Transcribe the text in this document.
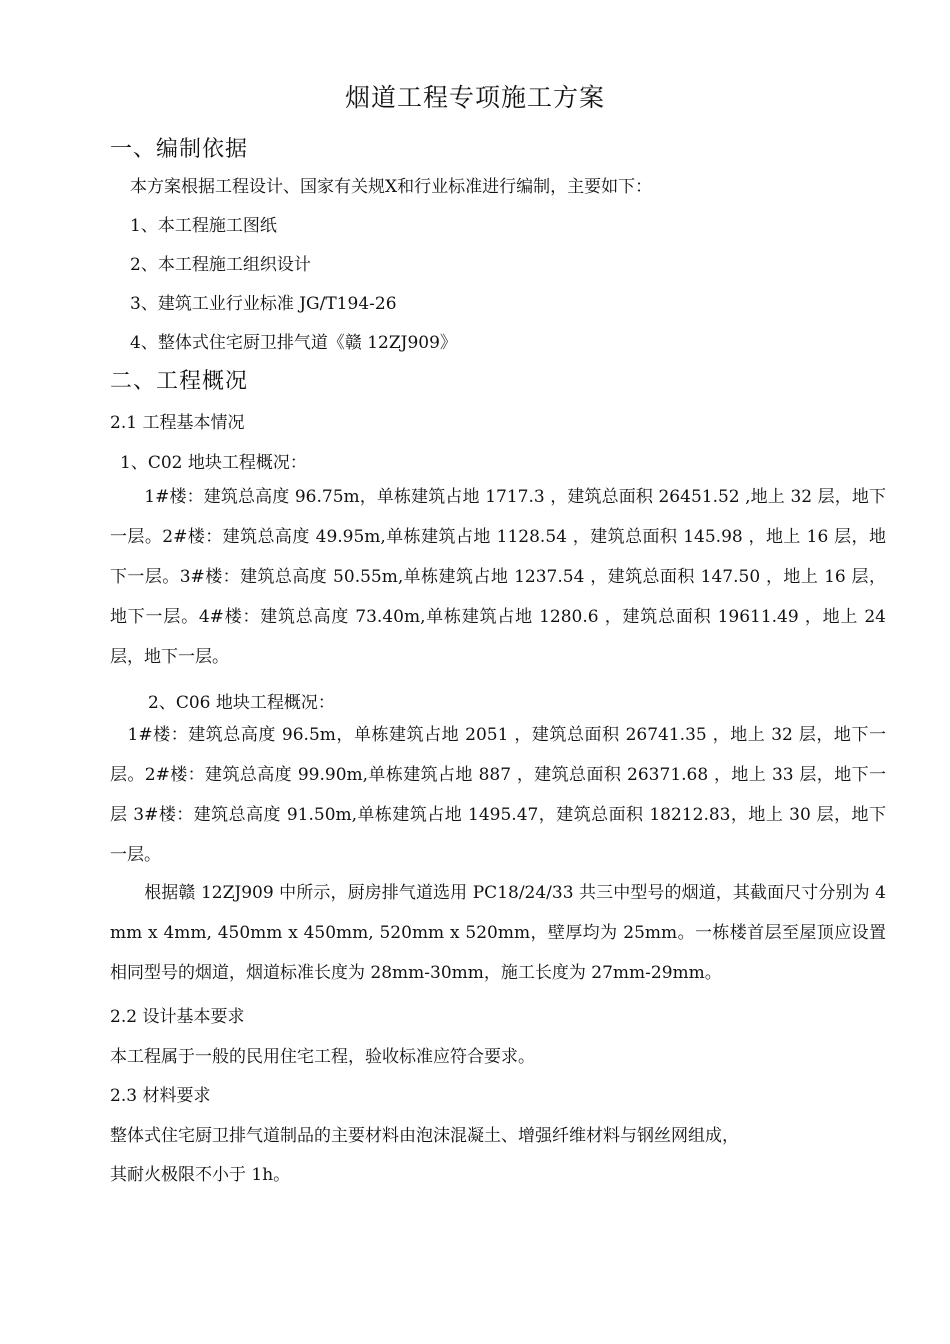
烟道工程专项施工方案
一、编制依据
本方案根据工程设计、国家有关规X和行业标准进行编制，主要如下：
1、本工程施工图纸
2、本工程施工组织设计
3、建筑工业行业标准 JG/T194-26
4、整体式住宅厨卫排气道《赣 12ZJ909》
二、工程概况
2.1 工程基本情况
1、C02 地块工程概况：
　　1#楼：建筑总高度 96.75m，单栋建筑占地 1717.3 ，建筑总面积 26451.52 ,地上 32 层，地下一层。2#楼：建筑总高度 49.95m,单栋建筑占地 1128.54 ，建筑总面积 145.98 ，地上 16 层，地下一层。3#楼：建筑总高度 50.55m,单栋建筑占地 1237.54 ，建筑总面积 147.50 ，地上 16 层，地下一层。4#楼：建筑总高度 73.40m,单栋建筑占地 1280.6 ，建筑总面积 19611.49 ，地上 24 层，地下一层。
2、C06 地块工程概况：
　1#楼：建筑总高度 96.5m，单栋建筑占地 2051 ，建筑总面积 26741.35 ，地上 32 层，地下一层。2#楼：建筑总高度 99.90m,单栋建筑占地 887 ，建筑总面积 26371.68 ，地上 33 层，地下一层 3#楼：建筑总高度 91.50m,单栋建筑占地 1495.47，建筑总面积 18212.83，地上 30 层，地下一层。
　　根据赣 12ZJ909 中所示，厨房排气道选用 PC18/24/33 共三中型号的烟道，其截面尺寸分别为 4mm x 4mm, 450mm x 450mm, 520mm x 520mm，壁厚均为 25mm。一栋楼首层至屋顶应设置相同型号的烟道，烟道标准长度为 28mm-30mm，施工长度为 27mm-29mm。
2.2 设计基本要求
本工程属于一般的民用住宅工程，验收标准应符合要求。
2.3 材料要求
整体式住宅厨卫排气道制品的主要材料由泡沫混凝土、增强纤维材料与钢丝网组成，
其耐火极限不小于 1h。
